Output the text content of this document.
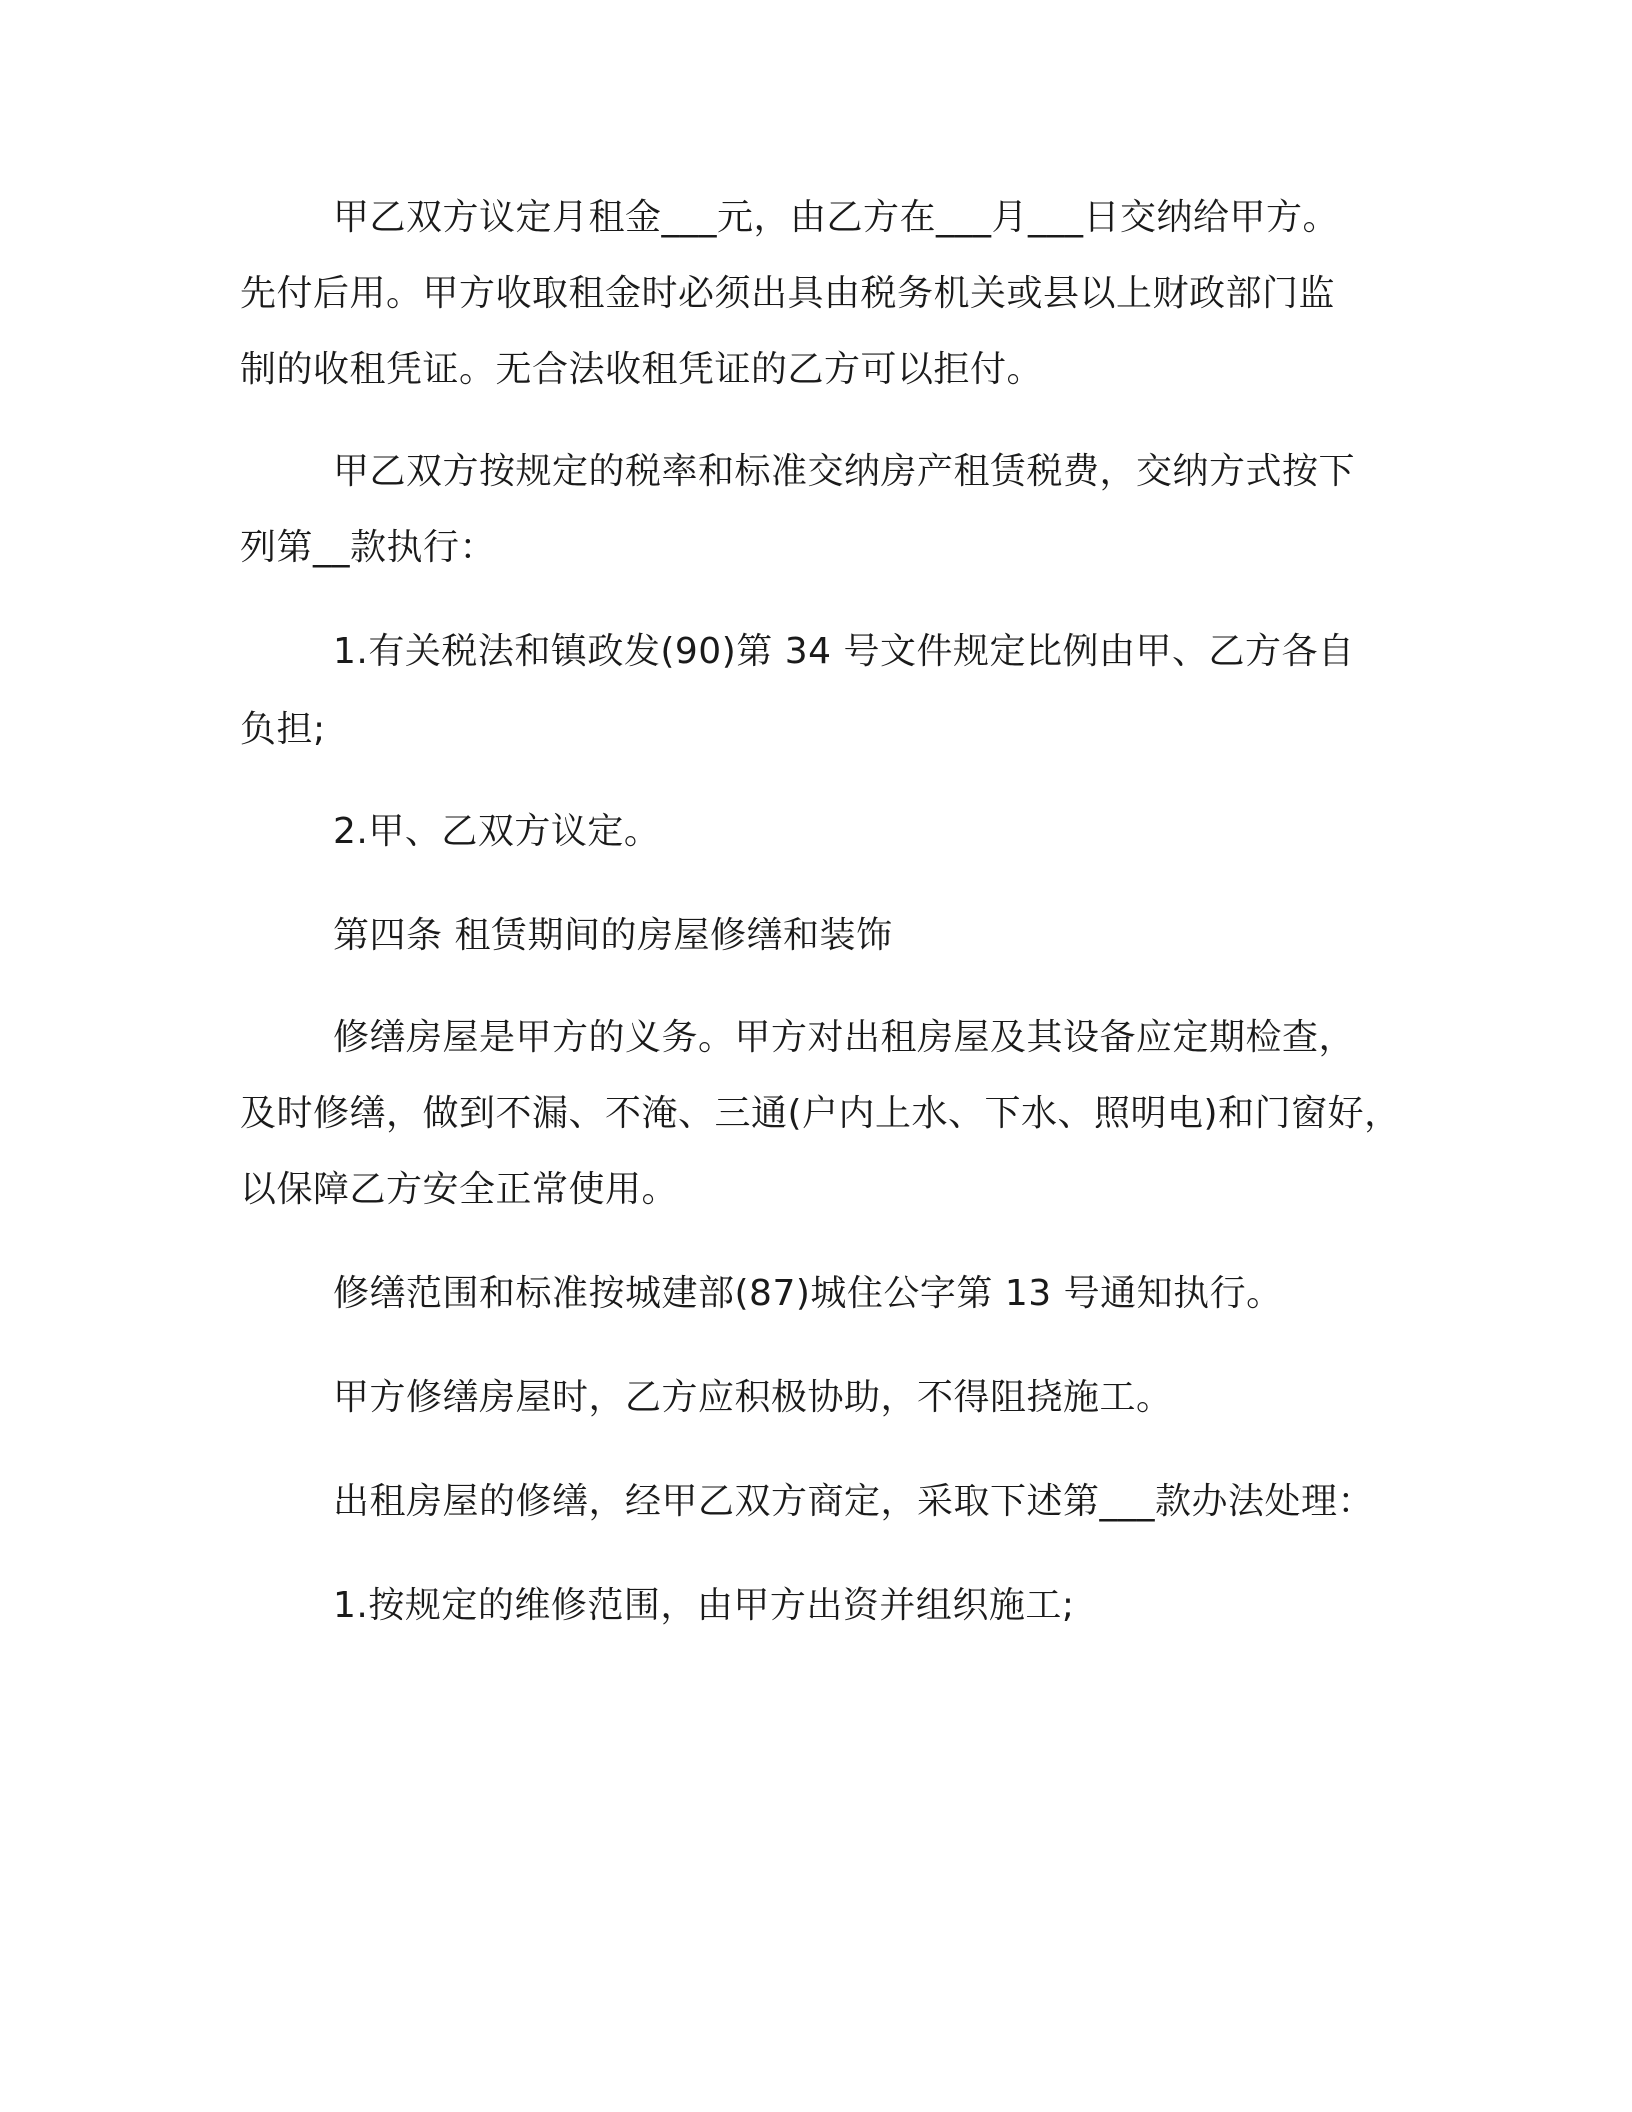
甲乙双方议定月租金___元，由乙方在___月___日交纳给甲方。
先付后用。甲方收取租金时必须出具由税务机关或县以上财政部门监
制的收租凭证。无合法收租凭证的乙方可以拒付。
甲乙双方按规定的税率和标准交纳房产租赁税费，交纳方式按下
列第__款执行：
1.有关税法和镇政发(90)第 34 号文件规定比例由甲、乙方各自
负担;
2.甲、乙双方议定。
第四条 租赁期间的房屋修缮和装饰
修缮房屋是甲方的义务。甲方对出租房屋及其设备应定期检查，
及时修缮，做到不漏、不淹、三通(户内上水、下水、照明电)和门窗好，
以保障乙方安全正常使用。
修缮范围和标准按城建部(87)城住公字第 13 号通知执行。
甲方修缮房屋时，乙方应积极协助，不得阻挠施工。
出租房屋的修缮，经甲乙双方商定，采取下述第___款办法处理：
1.按规定的维修范围，由甲方出资并组织施工;
